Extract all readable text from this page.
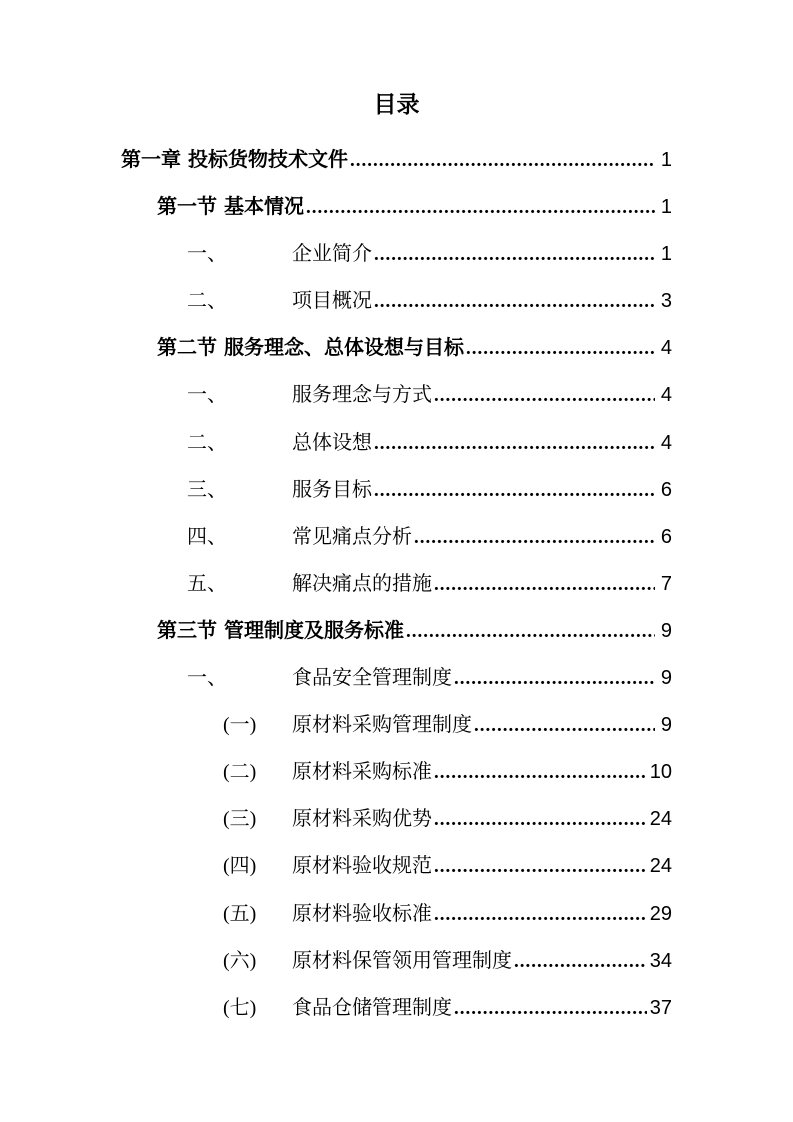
目录
第一章 投标货物技术文件 .....	1
第一节 基本情况 .....	1
一、	企业简介 .....	1
二、	项目概况 .....	3
第二节 服务理念、总体设想与目标 .....	4
一、	服务理念与方式 .....	4
二、	总体设想 .....	4
三、	服务目标 .....	6
四、	常见痛点分析 .....	6
五、	解决痛点的措施 .....	7
第三节 管理制度及服务标准 .....	9
一、	食品安全管理制度 .....	9
(一)	原材料采购管理制度 .....	9
(二)	原材料采购标准 .....	10
(三)	原材料采购优势 .....	24
(四)	原材料验收规范 .....	24
(五)	原材料验收标准 .....	29
(六)	原材料保管领用管理制度 .....	34
(七)	食品仓储管理制度 .....	37
